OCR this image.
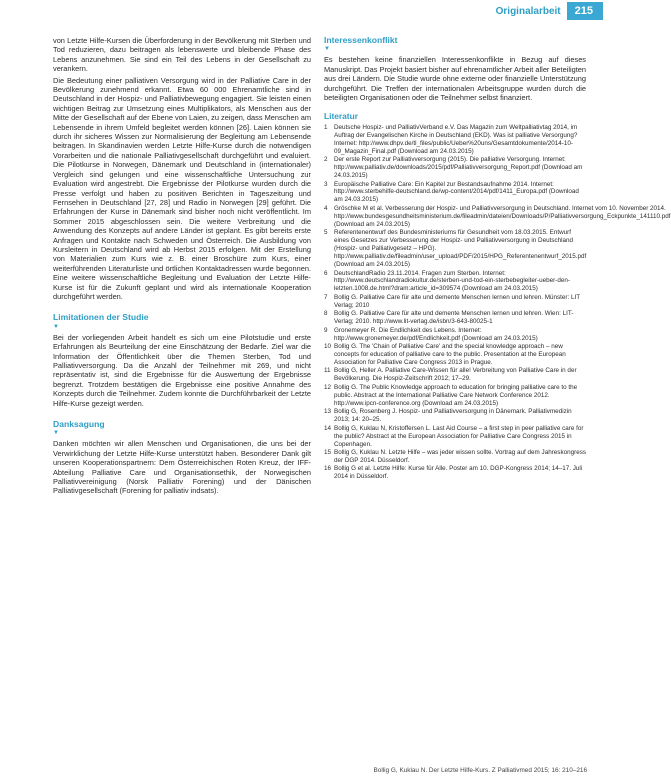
Originalarbeit	215

von Letzte Hilfe-Kursen die Überforderung in der Bevölkerung mit Sterben und Tod reduzieren, dazu beitragen als lebenswerte und bleibende Phase des Lebens anzunehmen. Sie sind ein Teil des Lebens in der Gesellschaft zu verankern.

Die Bedeutung einer palliativen Versorgung wird in der Palliative Care in der Bevölkerung zunehmend erkannt. Etwa 60 000 Ehrenamtliche sind in Deutschland in der Hospiz- und Palliativbewegung engagiert. Sie leisten einen wichtigen Beitrag zur Umsetzung eines Multiplikators, als Menschen aus der Mitte der Gesellschaft auf der Ebene von Laien, zu zeigen, dass Menschen am Lebensende in ihrem Umfeld begleitet werden können [26]. Laien können sie durch ihr sicheres Wissen zur Normalisierung der Begleitung am Lebensende beitragen. In Skandinavien werden Letzte Hilfe-Kurse durch die notwendigen Vorarbeiten und die nationale Palliativgesellschaft durchgeführt und evaluiert. Die Pilotkurse in Norwegen, Dänemark und Deutschland in (internationaler) Vergleich sind gelungen und eine wissenschaftliche Untersuchung zur Evaluation wird angestrebt. Die Ergebnisse der Pilotkurse wurden durch die Presse verfolgt und haben zu positiven Berichten in Tageszeitung und Fernsehen in Deutschland [27, 28] und Radio in Norwegen [29] geführt. Die Erfahrungen der Kurse in Dänemark sind bisher noch nicht veröffentlicht. Im Sommer 2015 abgeschlossen sein. Die weitere Verbreitung und die Anwendung des Konzepts auf andere Länder ist geplant. Es gibt bereits erste Anfragen und Kontakte nach Schweden und Österreich. Die Ausbildung von Kursleitern in Deutschland wird ab Herbst 2015 erfolgen. Mit der Erstellung von Materialien zum Kurs wie z. B. einer Broschüre zum Kurs, einer weiterführenden Literaturliste und örtlichen Kontaktadressen wurde begonnen. Eine weitere wissenschaftliche Begleitung und Evaluation der Letzte Hilfe-Kurse ist für die Zukunft geplant und wird als internationale Kooperation durchgeführt werden.

Limitationen der Studie
▼

Bei der vorliegenden Arbeit handelt es sich um eine Pilotstudie und erste Erfahrungen als Beurteilung der eine Einschätzung der Bedarfe. Ziel war die Information der Öffentlichkeit über die Themen Sterben, Tod und Palliativversorgung. Da die Anzahl der Teilnehmer mit 269, und nicht repräsentativ ist, sind die Ergebnisse für die Auswertung der Ergebnisse begrenzt. Trotzdem bestätigen die Ergebnisse eine positive Annahme des Konzepts durch die Teilnehmer. Zudem konnte die Durchführbarkeit der Letzte Hilfe-Kurse gezeigt werden.

Danksagung
▼

Danken möchten wir allen Menschen und Organisationen, die uns bei der Verwirklichung der Letzte Hilfe-Kurse unterstützt haben. Besonderer Dank gilt unseren Kooperationspartnern: Dem Österreichischen Roten Kreuz, der IFF-Abteilung Palliative Care und Organisationsethik, der Norwegischen Palliativvereinigung (Norsk Palliativ Forening) und der Dänischen Palliativgesellschaft (Forening for palliativ indsats).

Interessenkonflikt
▼

Es bestehen keine finanziellen Interessenkonflikte in Bezug auf dieses Manuskript. Das Projekt basiert bisher auf ehrenamtlicher Arbeit aller Beteiligten aus drei Ländern. Die Studie wurde ohne externe oder finanzielle Unterstützung durchgeführt. Die Treffen der internationalen Arbeitsgruppe wurden durch die beteiligten Organisationen oder die Teilnehmer selbst finanziert.

Literatur
1	Deutsche Hospiz- und PalliativVerband e.V. Das Magazin zum Weltpalliativtag 2014, im Auftrag der Evangelischen Kirche in Deutschland (EKD). Was ist palliative Versorgung? Internet: http://www.dhpv.de/tl_files/public/Ueber%20uns/Gesamtdokumente/2014-10-09_Magazin_Final.pdf (Download am 24.03.2015)
2	Der erste Report zur Palliativversorgung (2015). Die palliative Versorgung. Internet: http://www.palliativ.de/downloads/2015/pdf/Palliativversorgung_Report.pdf (Download am 24.03.2015)
3	Europäische Palliative Care: Ein Kapitel zur Bestandsaufnahme 2014. Internet: http://www.sterbehilfe-deutschland.de/wp-content/2014/pdf/1411_Europa.pdf (Download am 24.03.2015)
4	Gröschke M et al. Verbesserung der Hospiz- und Palliativversorgung in Deutschland. Internet vom 10. November 2014. http://www.bundesgesundheitsministerium.de/fileadmin/dateien/Downloads/P/Palliativversorgung_Eckpunkte_141110.pdf (Download am 24.03.2015)
5	Referentenentwurf des Bundesministeriums für Gesundheit vom 18.03.2015. Entwurf eines Gesetzes zur Verbesserung der Hospiz- und Palliativversorgung in Deutschland (Hospiz- und Palliativgesetz – HPG). http://www.palliativ.de/fileadmin/user_upload/PDF/2015/HPG_Referentenentwurf_2015.pdf (Download am 24.03.2015)
6	DeutschlandRadio 23.11.2014. Fragen zum Sterben. Internet: http://www.deutschlandradiokultur.de/sterben-und-tod-ein-sterbebegleiter-ueber-den-letzten.1008.de.html?dram:article_id=309574 (Download am 24.03.2015)
7	Bollig G. Palliative Care für alte und demente Menschen lernen und lehren. Münster: LIT Verlag; 2010
8	Bollig G. Palliative Care für alte und demente Menschen lernen und lehren. Wien: LIT-Verlag; 2010. http://www.lit-verlag.de/isbn/3-643-80025-1
9	Gronemeyer R. Die Endlichkeit des Lebens. Internet: http://www.gronemeyer.de/pdf/Endlichkeit.pdf (Download am 24.03.2015)
10 Bollig G. The 'Chain of Palliative Care' and the special knowledge approach – new concepts for education of palliative care to the public. Presentation at the European Association for Palliative Care Congress 2013 in Prague.
11 Bollig G, Heller A. Palliative Care-Wissen für alle! Verbreitung von Palliative Care in der Bevölkerung. Die Hospiz-Zeitschrift 2012; 17–29.
12 Bollig G. The Public Knowledge approach to education for bringing palliative care to the public. Abstract at the International Palliative Care Network Conference 2012. http://www.ipcn-conference.org (Download am 24.03.2015)
13 Bollig G, Rosenberg J. Hospiz- und Palliativversorgung in Dänemark. Palliativmedizin 2013; 14: 20–25.
14 Bollig G, Kuklau N, Kristoffersen L. Last Aid Course – a first step in peer palliative care for the public? Abstract at the European Association for Palliative Care Congress 2015 in Copenhagen.
15 Bollig G, Kuklau N. Letzte Hilfe – was jeder wissen sollte. Vortrag auf dem Jahreskongress der DGP 2014. Düsseldorf.
16 Bollig G et al. Letzte Hilfe: Kurse für Alle. Poster am 10. DGP-Kongress 2014; 14–17. Juli 2014 in Düsseldorf.
Bollig G, Kuklau N. Der Letzte Hilfe-Kurs. Z Palliativmed 2015; 16: 210–216
